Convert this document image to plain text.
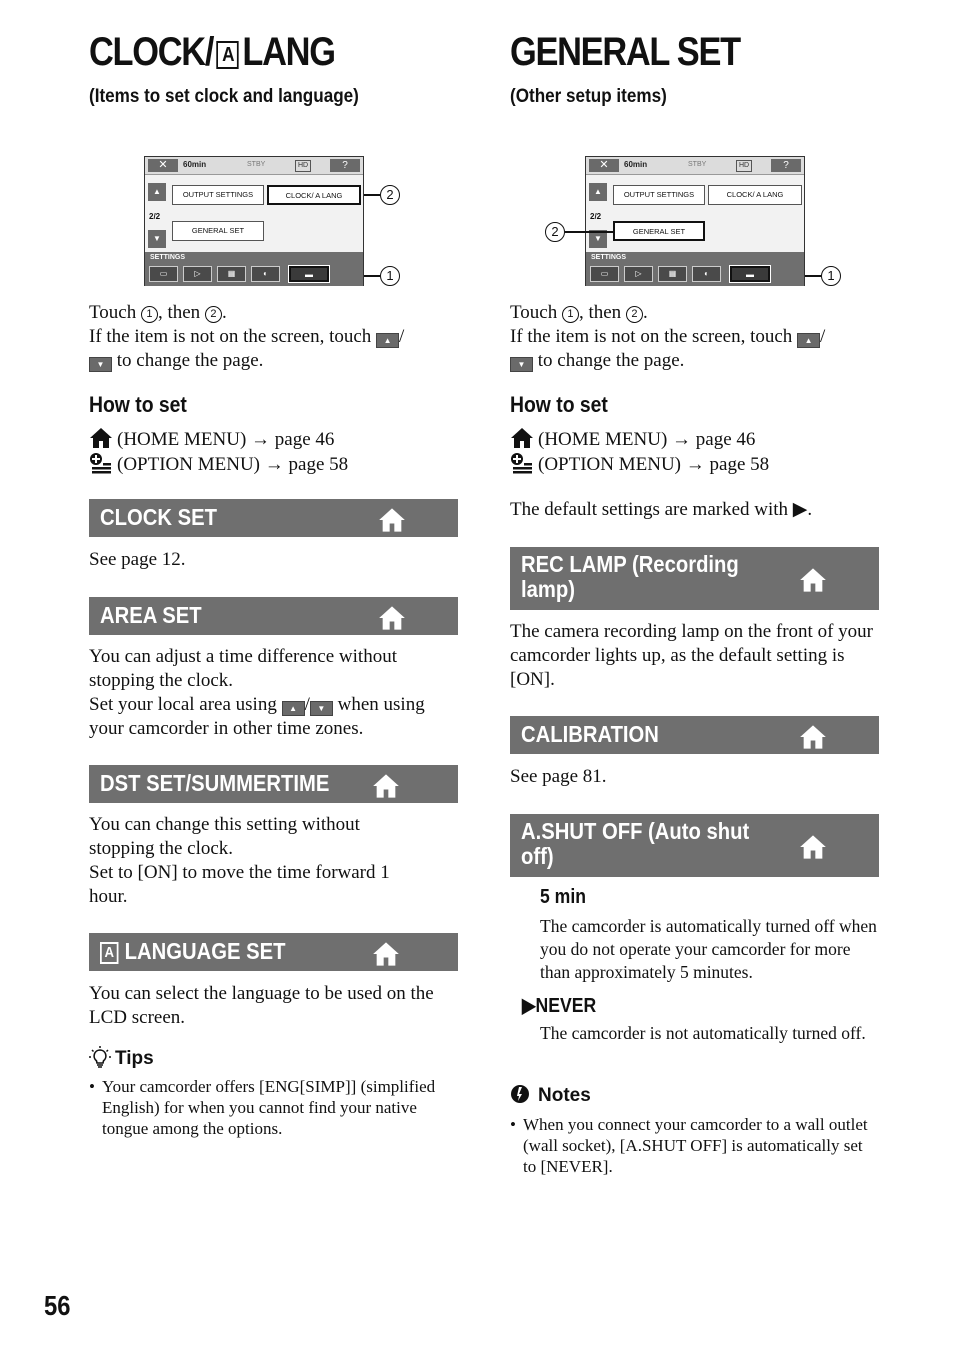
CLOCK/ A LANG
(Items to set clock and language)
✕	60min	STBY	HD	?
▲
2/2
▼
OUTPUT SETTINGS	CLOCK/ A LANG
GENERAL SET
SETTINGS
▭	▷	▦	◐	▬
2
1
Touch 1 , then 2 .
If the item is not on the screen, touch ▲ /
▼ to change the page.
How to set
(HOME MENU) → page 46
(OPTION MENU) → page 58
CLOCK SET
See page 12.
AREA SET
You can adjust a time difference without stopping the clock.
Set your local area using ▲ / ▼ when using your camcorder in other time zones.
DST SET/SUMMERTIME
You can change this setting without stopping the clock.
Set to [ON] to move the time forward 1 hour.
A LANGUAGE SET
You can select the language to be used on the LCD screen.
Tips
• Your camcorder offers [ENG[SIMP]] (simplified English) for when you cannot find your native tongue among the options.
GENERAL SET
(Other setup items)
✕	60min	STBY	HD	?
▲
2/2
▼
OUTPUT SETTINGS	CLOCK/ A LANG
GENERAL SET
SETTINGS
▭	▷	▦	◐	▬
2
1
Touch 1 , then 2 .
If the item is not on the screen, touch ▲ /
▼ to change the page.
How to set
(HOME MENU) → page 46
(OPTION MENU) → page 58
The default settings are marked with ▶.
REC LAMP (Recording lamp)
The camera recording lamp on the front of your camcorder lights up, as the default setting is [ON].
CALIBRATION
See page 81.
A.SHUT OFF (Auto shut off)
5 min
The camcorder is automatically turned off when you do not operate your camcorder for more than approximately 5 minutes.
▶NEVER
The camcorder is not automatically turned off.
Notes
• When you connect your camcorder to a wall outlet (wall socket), [A.SHUT OFF] is automatically set to [NEVER].
56
